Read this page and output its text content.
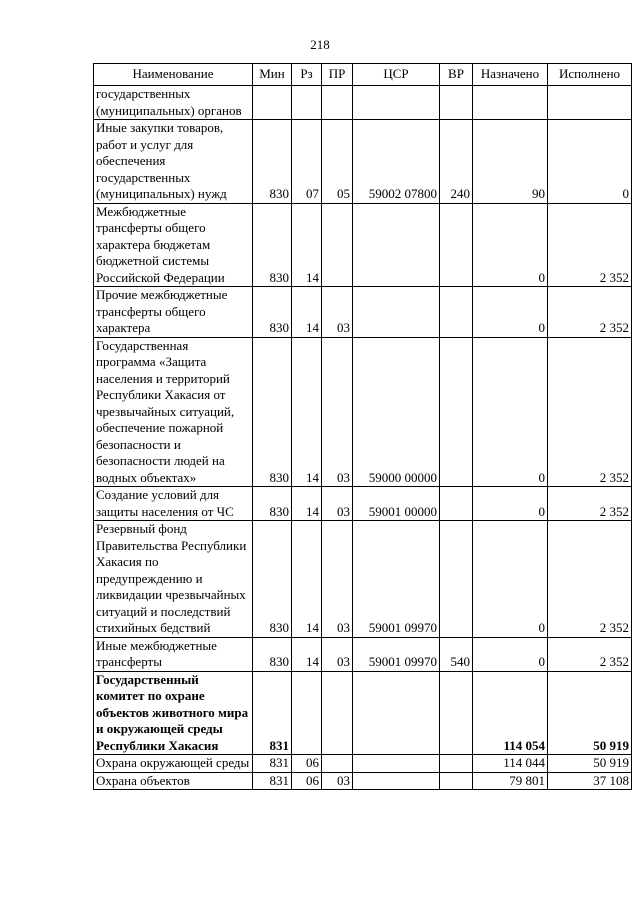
218
Наименование	Мин	Рз	ПР	ЦСР	ВР	Назначено	Исполнено
государственных (муниципальных) органов							
Иные закупки товаров, работ и услуг для обеспечения государственных (муниципальных) нужд	830	07	05	59002 07800	240	90	0
Межбюджетные трансферты общего характера бюджетам бюджетной системы Российской Федерации	830	14				0	2 352
Прочие межбюджетные трансферты общего характера	830	14	03			0	2 352
Государственная программа «Защита населения и территорий Республики Хакасия от чрезвычайных ситуаций, обеспечение пожарной безопасности и безопасности людей на водных объектах»	830	14	03	59000 00000		0	2 352
Создание условий для защиты населения от ЧС	830	14	03	59001 00000		0	2 352
Резервный фонд Правительства Республики Хакасия по предупреждению и ликвидации чрезвычайных ситуаций и последствий стихийных бедствий	830	14	03	59001 09970		0	2 352
Иные межбюджетные трансферты	830	14	03	59001 09970	540	0	2 352
Государственный комитет по охране объектов животного мира и окружающей среды Республики Хакасия	831					114 054	50 919
Охрана окружающей среды	831	06				114 044	50 919
Охрана объектов	831	06	03			79 801	37 108
